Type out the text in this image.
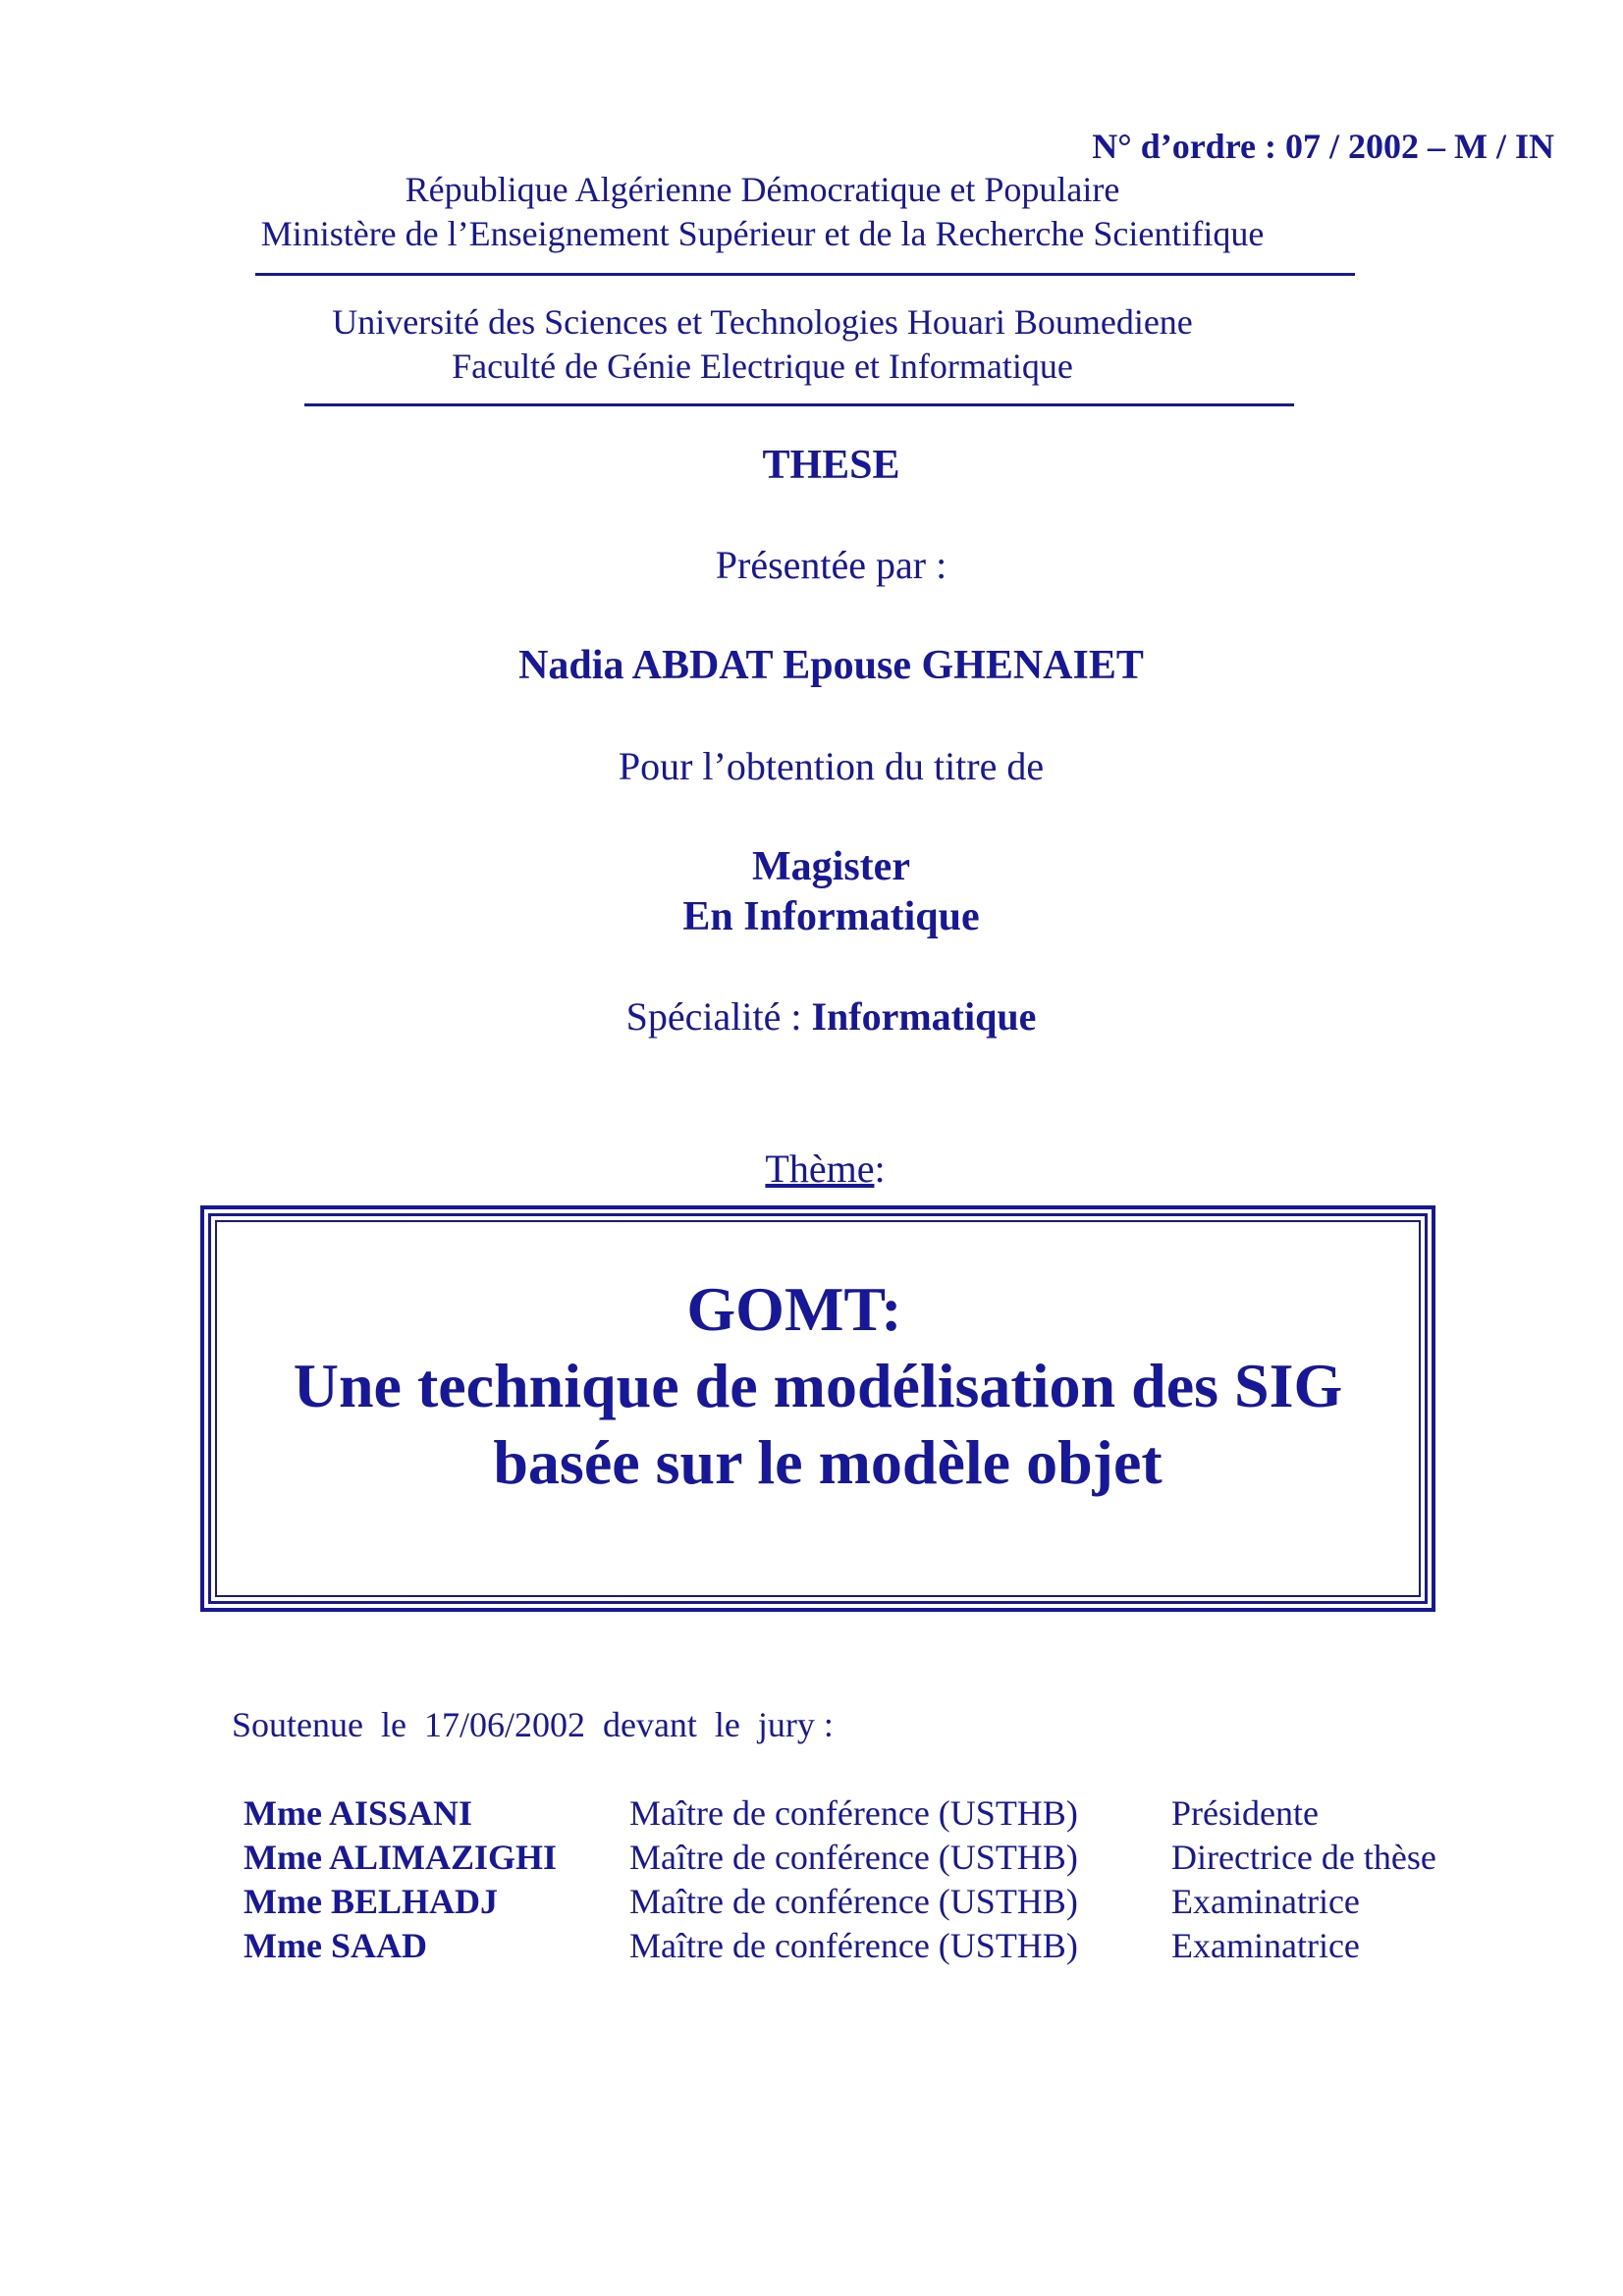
N° d’ordre : 07 / 2002 – M / IN
République Algérienne Démocratique et Populaire
Ministère de l’Enseignement Supérieur et de la Recherche Scientifique
Université des Sciences et Technologies Houari Boumediene
Faculté de Génie Electrique et Informatique
THESE
Présentée par :
Nadia ABDAT Epouse GHENAIET
Pour l’obtention du titre de
Magister
En Informatique
Spécialité : Informatique
Thème:
GOMT:
Une technique de modélisation des SIG
basée sur le modèle objet
Soutenue  le  17/06/2002  devant  le  jury :
Mme AISSANI	Maître de conférence (USTHB)	Présidente
Mme ALIMAZIGHI Maître de conférence (USTHB)	Directrice de thèse
Mme BELHADJ	Maître de conférence (USTHB)	Examinatrice
Mme SAAD	Maître de conférence (USTHB)	Examinatrice
